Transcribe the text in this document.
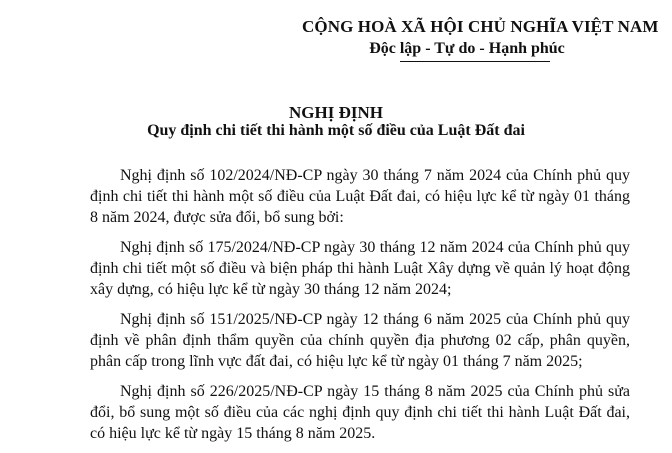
CỘNG HOÀ XÃ HỘI CHỦ NGHĨA VIỆT NAM
Độc lập - Tự do - Hạnh phúc
NGHỊ ĐỊNH
Quy định chi tiết thi hành một số điều của Luật Đất đai

Nghị định số 102/2024/NĐ-CP ngày 30 tháng 7 năm 2024 của Chính phủ quy định chi tiết thi hành một số điều của Luật Đất đai, có hiệu lực kể từ ngày 01 tháng 8 năm 2024, được sửa đổi, bổ sung bởi:

Nghị định số 175/2024/NĐ-CP ngày 30 tháng 12 năm 2024 của Chính phủ quy định chi tiết một số điều và biện pháp thi hành Luật Xây dựng về quản lý hoạt động xây dựng, có hiệu lực kể từ ngày 30 tháng 12 năm 2024;

Nghị định số 151/2025/NĐ-CP ngày 12 tháng 6 năm 2025 của Chính phủ quy định về phân định thẩm quyền của chính quyền địa phương 02 cấp, phân quyền, phân cấp trong lĩnh vực đất đai, có hiệu lực kể từ ngày 01 tháng 7 năm 2025;

Nghị định số 226/2025/NĐ-CP ngày 15 tháng 8 năm 2025 của Chính phủ sửa đổi, bổ sung một số điều của các nghị định quy định chi tiết thi hành Luật Đất đai, có hiệu lực kể từ ngày 15 tháng 8 năm 2025.
